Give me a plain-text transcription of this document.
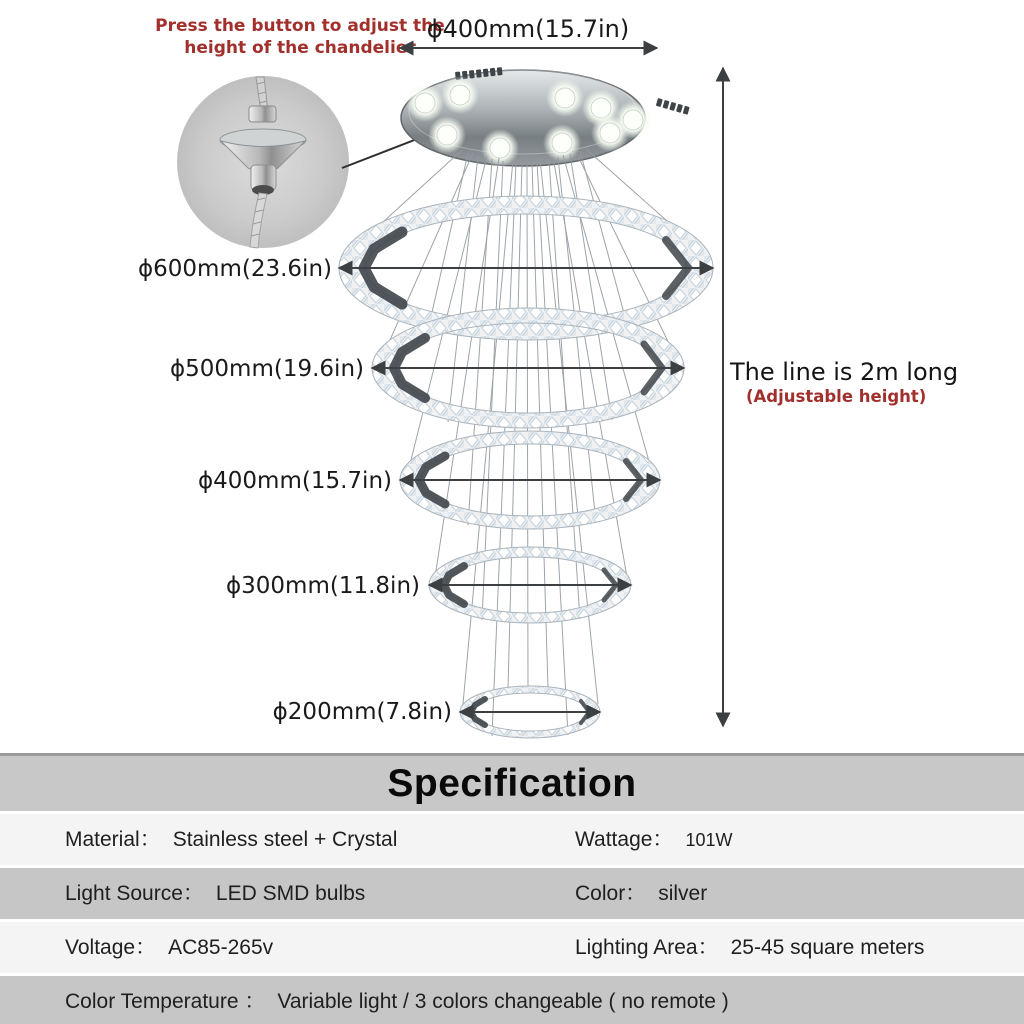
Press the button to adjust the
height of the chandelier
ϕ400mm(15.7in)
ϕ600mm(23.6in)
ϕ500mm(19.6in)
ϕ400mm(15.7in)
ϕ300mm(11.8in)
ϕ200mm(7.8in)
The line is 2m long
(Adjustable height)
Specification
Material： Stainless steel + Crystal	Wattage： 101W
Light Source： LED SMD bulbs	Color： silver
Voltage： AC85-265v	Lighting Area： 25-45 square meters
Color Temperature ： Variable light / 3 colors changeable ( no remote )
